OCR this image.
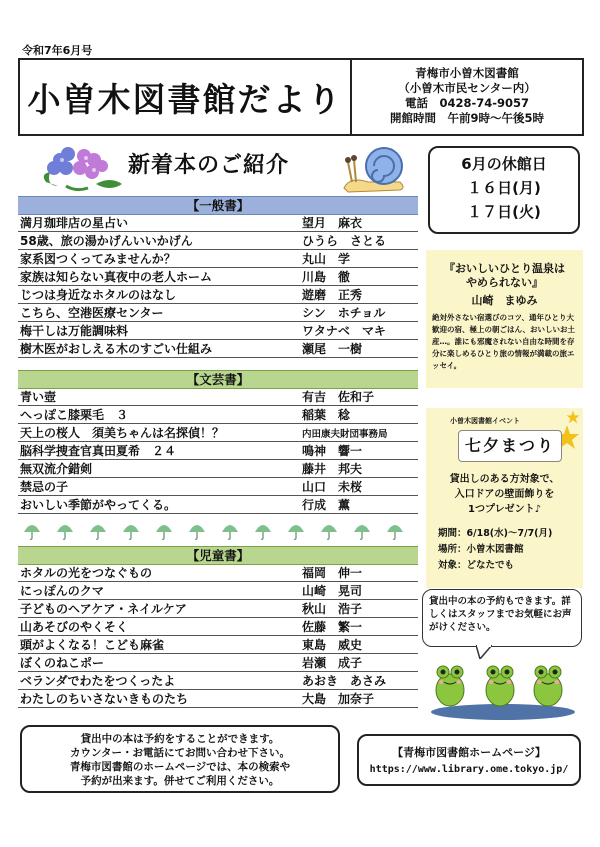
令和7年6月号
小曽木図書館だより
青梅市小曽木図書館
（小曽木市民センター内）
電話　0428-74-9057
開館時間　午前9時～午後5時
新着本のご紹介	6月の休館日
１６日(月)
１７日(火)
【一般書】
満月珈琲店の星占い	望月　麻衣
58歳、旅の湯かげんいいかげん	ひうら　さとる
家系図つくってみませんか？	丸山　学
家族は知らない真夜中の老人ホーム	川島　徹
じつは身近なホタルのはなし	遊磨　正秀
こちら、空港医療センター	シン　ホチョル
梅干しは万能調味料	ワタナベ　マキ
樹木医がおしえる木のすごい仕組み	瀬尾　一樹
【文芸書】
青い壺	有吉　佐和子
へっぽこ膝栗毛　３	稲葉　稔
天上の桜人　須美ちゃんは名探偵！？	内田康夫財団事務局
脳科学捜査官真田夏希　２４	鳴神　響一
無双流介錯剣	藤井　邦夫
禁忌の子	山口　未桜
おいしい季節がやってくる。	行成　薫
【児童書】
ホタルの光をつなぐもの	福岡　伸一
にっぽんのクマ	山崎　晃司
子どものヘアケア・ネイルケア	秋山　浩子
山あそびのやくそく	佐藤　繁一
頭がよくなる！こども麻雀	東島　威史
ぼくのねこポー	岩瀬　成子
ベランダでわたをつくったよ	あおき　あさみ
わたしのちいさないきものたち	大島　加奈子
『おいしいひとり温泉は
やめられない』
山崎　まゆみ
絶対外さない宿選びのコツ、通年ひとり大歓迎の宿、極上の朝ごはん、おいしいお土産…。誰にも邪魔されない自由な時間を存分に楽しめるひとり旅の情報が満載の旅エッセイ。
小曽木図書館イベント
七夕まつり
貸出しのある方対象で、
入口ドアの壁面飾りを
1つプレゼント♪
期間：6/18(水)～7/7(月)
場所：小曽木図書館
対象：どなたでも
貸出中の本の予約もできます。詳しくはスタッフまでお気軽にお声がけください。
貸出中の本は予約をすることができます。
カウンター・お電話にてお問い合わせ下さい。
青梅市図書館のホームページでは、本の検索や
予約が出来ます。併せてご利用ください。
【青梅市図書館ホームページ】
https://www.library.ome.tokyo.jp/
